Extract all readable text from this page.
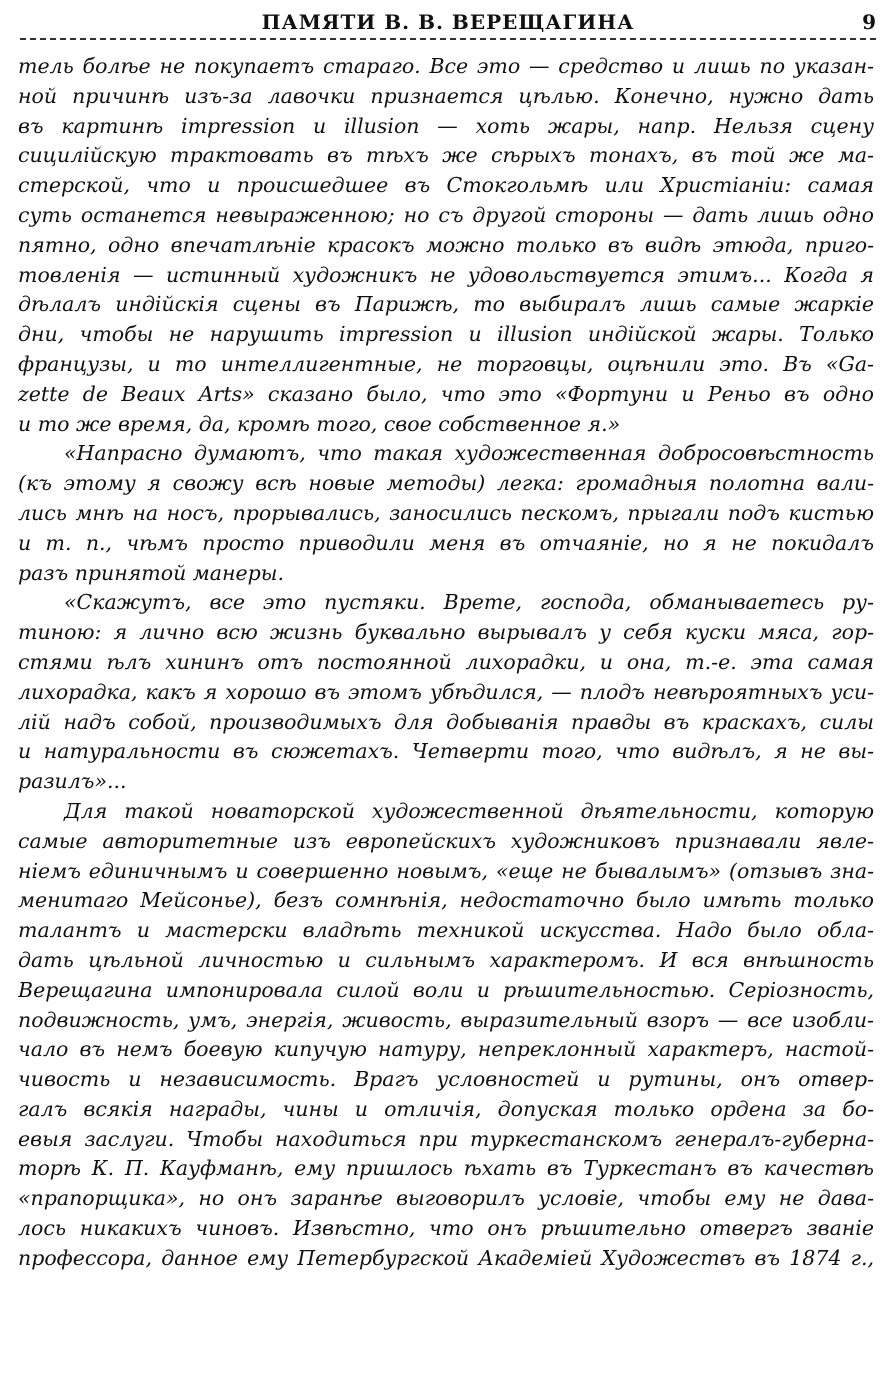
ПАМЯТИ В. В. ВЕРЕЩАГИНА	9
тель болѣе не покупаетъ стараго. Все это — средство и лишь по указан-
ной причинѣ изъ-за лавочки признается цѣлью. Конечно, нужно дать
въ картинѣ impression и illusion — хоть жары, напр. Нельзя сцену
сицилійскую трактовать въ тѣхъ же сѣрыхъ тонахъ, въ той же ма-
стерской, что и происшедшее въ Стокгольмѣ или Христіаніи: самая
суть останется невыраженною; но съ другой стороны — дать лишь одно
пятно, одно впечатлѣніе красокъ можно только въ видѣ этюда, приго-
товленія — истинный художникъ не удовольствуется этимъ... Когда я
дѣлалъ индійскія сцены въ Парижѣ, то выбиралъ лишь самые жаркіе
дни, чтобы не нарушить impression и illusion индійской жары. Только
французы, и то интеллигентные, не торговцы, оцѣнили это. Въ «Ga-
zette de Beaux Arts» сказано было, что это «Фортуни и Реньо въ одно
и то же время, да, кромѣ того, свое собственное я.»
«Напрасно думаютъ, что такая художественная добросовѣстность
(къ этому я свожу всѣ новые методы) легка: громадныя полотна вали-
лись мнѣ на носъ, прорывались, заносились пескомъ, прыгали подъ кистью
и т. п., чѣмъ просто приводили меня въ отчаяніе, но я не покидалъ
разъ принятой манеры.
«Скажутъ, все это пустяки. Врете, господа, обманываетесь ру-
тиною: я лично всю жизнь буквально вырывалъ у себя куски мяса, гор-
стями ѣлъ хининъ отъ постоянной лихорадки, и она, т.-е. эта самая
лихорадка, какъ я хорошо въ этомъ убѣдился, — плодъ невѣроятныхъ уси-
лій надъ собой, производимыхъ для добыванія правды въ краскахъ, силы
и натуральности въ сюжетахъ. Четверти того, что видѣлъ, я не вы-
разилъ»...
Для такой новаторской художественной дѣятельности, которую
самые авторитетные изъ европейскихъ художниковъ признавали явле-
ніемъ единичнымъ и совершенно новымъ, «еще не бывалымъ» (отзывъ зна-
менитаго Мейсонье), безъ сомнѣнія, недостаточно было имѣть только
талантъ и мастерски владѣть техникой искусства. Надо было обла-
дать цѣльной личностью и сильнымъ характеромъ. И вся внѣшность
Верещагина импонировала силой воли и рѣшительностью. Серіозность,
подвижность, умъ, энергія, живость, выразительный взоръ — все изобли-
чало въ немъ боевую кипучую натуру, непреклонный характеръ, настой-
чивость и независимость. Врагъ условностей и рутины, онъ отвер-
галъ всякія награды, чины и отличія, допуская только ордена за бо-
евыя заслуги. Чтобы находиться при туркестанскомъ генералъ-губерна-
торѣ К. П. Кауфманѣ, ему пришлось ѣхать въ Туркестанъ въ качествѣ
«прапорщика», но онъ заранѣе выговорилъ условіе, чтобы ему не дава-
лось никакихъ чиновъ. Извѣстно, что онъ рѣшительно отвергъ званіе
профессора, данное ему Петербургской Академіей Художествъ въ 1874 г.,
